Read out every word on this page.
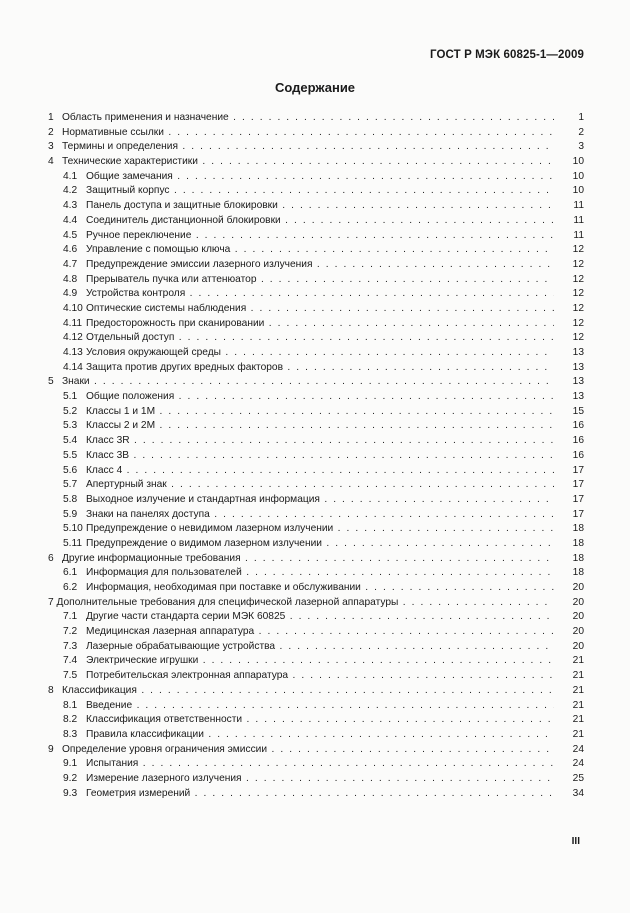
ГОСТ Р МЭК 60825-1—2009
Содержание
1 Область применения и назначение . . .	1
2 Нормативные ссылки . . .	2
3 Термины и определения . . .	3
4 Технические характеристики . . .	10
4.1 Общие замечания . . .	10
4.2 Защитный корпус . . .	10
4.3 Панель доступа и защитные блокировки . . .	11
4.4 Соединитель дистанционной блокировки . . .	11
4.5 Ручное переключение . . .	11
4.6 Управление с помощью ключа . . .	12
4.7 Предупреждение эмиссии лазерного излучения . . .	12
4.8 Прерыватель пучка или аттенюатор . . .	12
4.9 Устройства контроля . . .	12
4.10 Оптические системы наблюдения . . .	12
4.11 Предосторожность при сканировании . . .	12
4.12 Отдельный доступ . . .	12
4.13 Условия окружающей среды . . .	13
4.14 Защита против других вредных факторов . . .	13
5 Знаки . . .	13
5.1 Общие положения . . .	13
5.2 Классы 1 и 1М . . .	15
5.3 Классы 2 и 2М . . .	16
5.4 Класс 3R . . .	16
5.5 Класс 3В . . .	16
5.6 Класс 4 . . .	17
5.7 Апертурный знак . . .	17
5.8 Выходное излучение и стандартная информация . . .	17
5.9 Знаки на панелях доступа . . .	17
5.10 Предупреждение о невидимом лазерном излучении . . .	18
5.11 Предупреждение о видимом лазерном излучении . . .	18
6 Другие информационные требования . . .	18
6.1 Информация для пользователей . . .	18
6.2 Информация, необходимая при поставке и обслуживании . . .	20
7 Дополнительные требования для специфической лазерной аппаратуры . . .	20
7.1 Другие части стандарта серии МЭК 60825 . . .	20
7.2 Медицинская лазерная аппаратура . . .	20
7.3 Лазерные обрабатывающие устройства . . .	20
7.4 Электрические игрушки . . .	21
7.5 Потребительская электронная аппаратура . . .	21
8 Классификация . . .	21
8.1 Введение . . .	21
8.2 Классификация ответственности . . .	21
8.3 Правила классификации . . .	21
9 Определение уровня ограничения эмиссии . . .	24
9.1 Испытания . . .	24
9.2 Измерение лазерного излучения . . .	25
9.3 Геометрия измерений . . .	34
III
